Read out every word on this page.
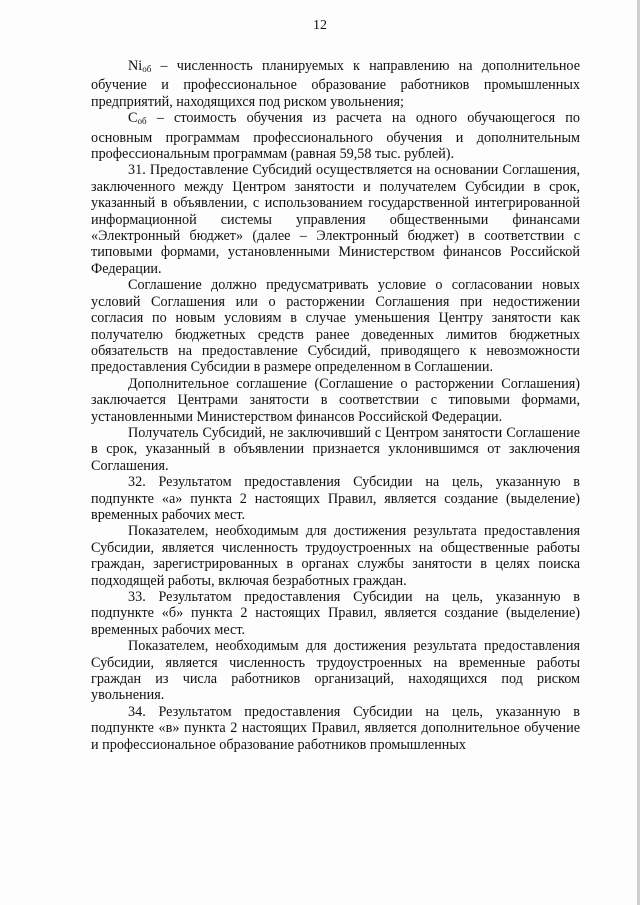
12

$Ni_{об}$ – численность планируемых к направлению на дополнительное обучение и профессиональное образование работников промышленных предприятий, находящихся под риском увольнения;

$С_{об}$ – стоимость обучения из расчета на одного обучающегося по основным программам профессионального обучения и дополнительным профессиональным программам (равная 59,58 тыс. рублей).

31. Предоставление Субсидий осуществляется на основании Соглашения, заключенного между Центром занятости и получателем Субсидии в срок, указанный в объявлении, с использованием государственной интегрированной информационной системы управления общественными финансами «Электронный бюджет» (далее – Электронный бюджет) в соответствии с типовыми формами, установленными Министерством финансов Российской Федерации.

Соглашение должно предусматривать условие о согласовании новых условий Соглашения или о расторжении Соглашения при недостижении согласия по новым условиям в случае уменьшения Центру занятости как получателю бюджетных средств ранее доведенных лимитов бюджетных обязательств на предоставление Субсидий, приводящего к невозможности предоставления Субсидии в размере определенном в Соглашении.

Дополнительное соглашение (Соглашение о расторжении Соглашения) заключается Центрами занятости в соответствии с типовыми формами, установленными Министерством финансов Российской Федерации.

Получатель Субсидий, не заключивший с Центром занятости Соглашение в срок, указанный в объявлении признается уклонившимся от заключения Соглашения.

32. Результатом предоставления Субсидии на цель, указанную в подпункте «а» пункта 2 настоящих Правил, является создание (выделение) временных рабочих мест.

Показателем, необходимым для достижения результата предоставления Субсидии, является численность трудоустроенных на общественные работы граждан, зарегистрированных в органах службы занятости в целях поиска подходящей работы, включая безработных граждан.

33. Результатом предоставления Субсидии на цель, указанную в подпункте «б» пункта 2 настоящих Правил, является создание (выделение) временных рабочих мест.

Показателем, необходимым для достижения результата предоставления Субсидии, является численность трудоустроенных на временные работы граждан из числа работников организаций, находящихся под риском увольнения.

34. Результатом предоставления Субсидии на цель, указанную в подпункте «в» пункта 2 настоящих Правил, является дополнительное обучение и профессиональное образование работников промышленных
